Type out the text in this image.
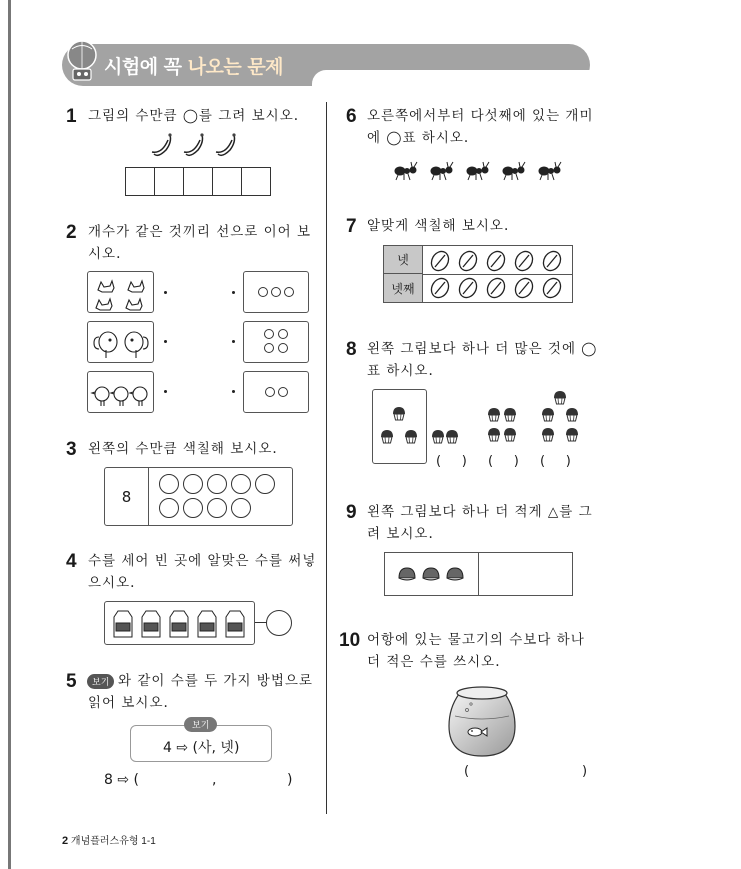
시험에 꼭 나오는 문제
1 그림의 수만큼 ◯를 그려 보시오.
2 개수가 같은 것끼리 선으로 이어 보
시오.
3 왼쪽의 수만큼 색칠해 보시오.
8
4 수를 세어 빈 곳에 알맞은 수를 써넣
으시오.
5	보기 와 같이 수를 두 가지 방법으로
읽어 보시오.
보기
4 ⇨ (사, 넷)
8 ⇨ (	,	)
6 오른쪽에서부터 다섯째에 있는 개미
에 ◯표 하시오.
7 알맞게 색칠해 보시오.
넷
넷째
8 왼쪽 그림보다 하나 더 많은 것에 ◯
표 하시오.
(     ) (     ) (     )
9 왼쪽 그림보다 하나 더 적게 △를 그
려 보시오.
10 어항에 있는 물고기의 수보다 하나
더 적은 수를 쓰시오.
(	)
2 개념플러스유형 1-1
